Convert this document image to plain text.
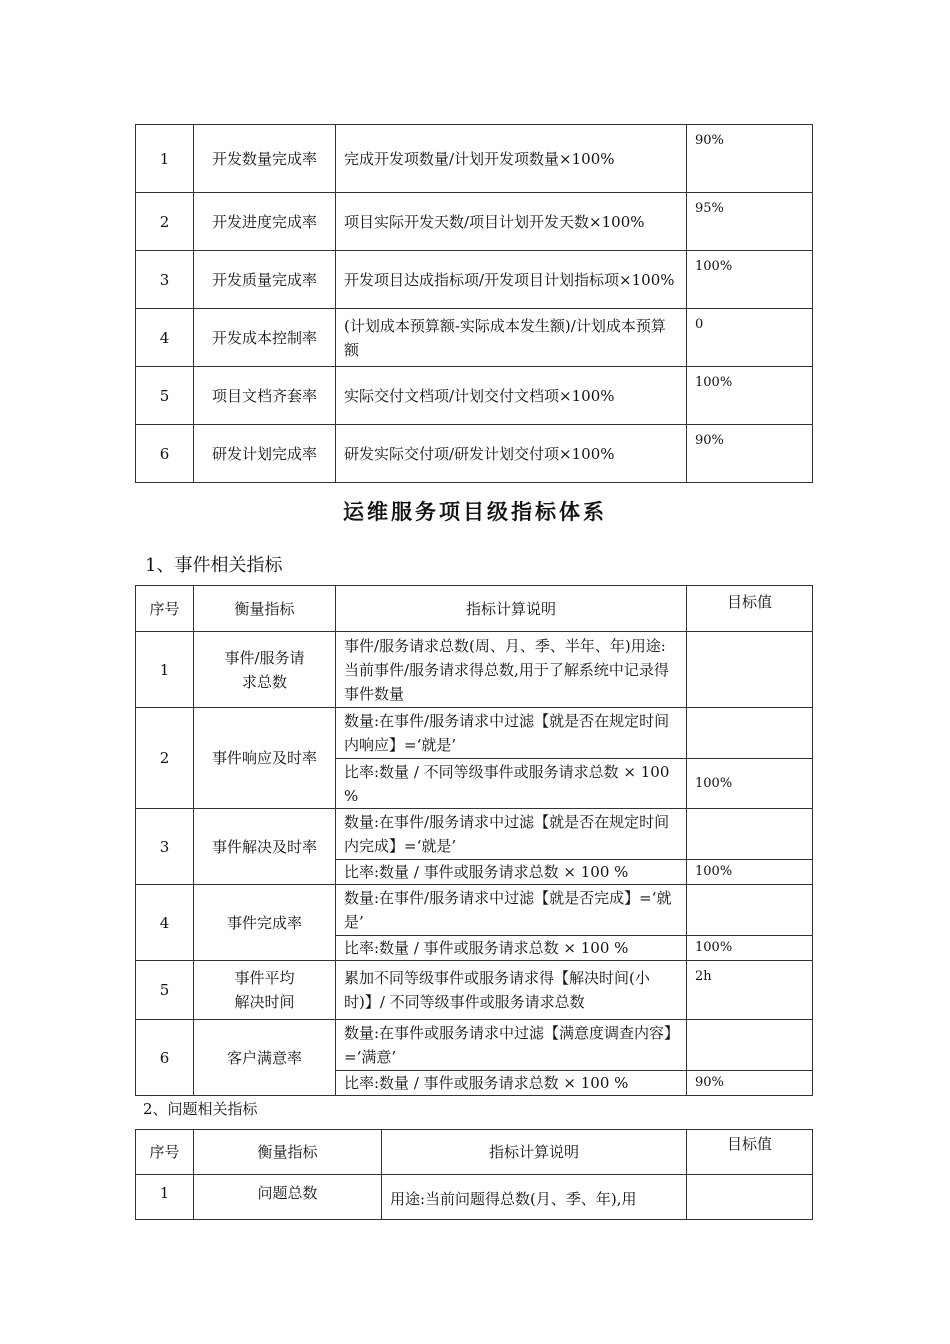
1	开发数量完成率	完成开发项数量/计划开发项数量×100%	90%
2	开发进度完成率	项目实际开发天数/项目计划开发天数×100%	95%
3	开发质量完成率	开发项目达成指标项/开发项目计划指标项×100%	100%
4	开发成本控制率	(计划成本预算额-实际成本发生额)/计划成本预算额	0
5	项目文档齐套率	实际交付文档项/计划交付文档项×100%	100%
6	研发计划完成率	研发实际交付项/研发计划交付项×100%	90%
运维服务项目级指标体系
1、事件相关指标
序号	衡量指标	指标计算说明	目标值
1	事件/服务请求总数	事件/服务请求总数(周、月、季、半年、年)用途:当前事件/服务请求得总数,用于了解系统中记录得事件数量	
2	事件响应及时率	数量:在事件/服务请求中过滤【就是否在规定时间内响应】=‘就是’	
		比率:数量 / 不同等级事件或服务请求总数 × 100 %	100%
3	事件解决及时率	数量:在事件/服务请求中过滤【就是否在规定时间内完成】=‘就是’	
		比率:数量 / 事件或服务请求总数 × 100 %	100%
4	事件完成率	数量:在事件/服务请求中过滤【就是否完成】=‘就是’	
		比率:数量 / 事件或服务请求总数 × 100 %	100%
5	事件平均解决时间	累加不同等级事件或服务请求得【解决时间(小时)】/ 不同等级事件或服务请求总数	2h
6	客户满意率	数量:在事件或服务请求中过滤【满意度调查内容】=‘满意’	
		比率:数量 / 事件或服务请求总数 × 100 %	90%
2、问题相关指标
序号	衡量指标	指标计算说明	目标值
1	问题总数	用途:当前问题得总数(月、季、年),用	
